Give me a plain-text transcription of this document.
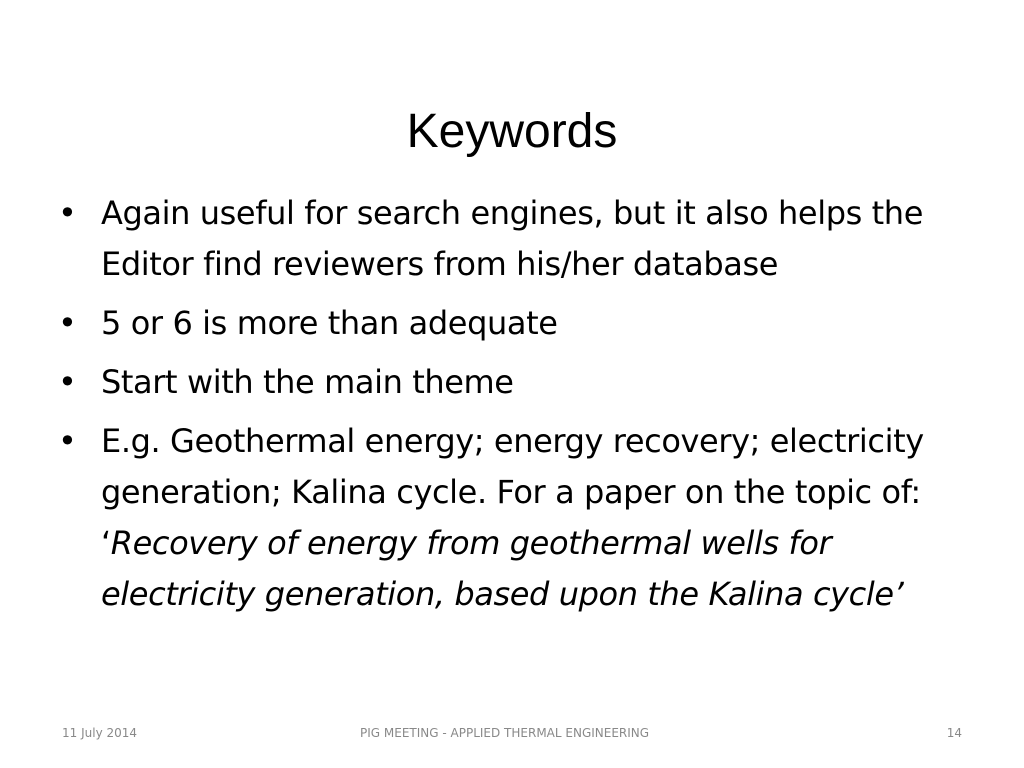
Keywords
• Again useful for search engines, but it also helps the Editor find reviewers from his/her database
• 5 or 6 is more than adequate
• Start with the main theme
• E.g. Geothermal energy; energy recovery; electricity generation; Kalina cycle. For a paper on the topic of: ‘Recovery of energy from geothermal wells for electricity generation, based upon the Kalina cycle’
11 July 2014	PIG MEETING - APPLIED THERMAL ENGINEERING	14
